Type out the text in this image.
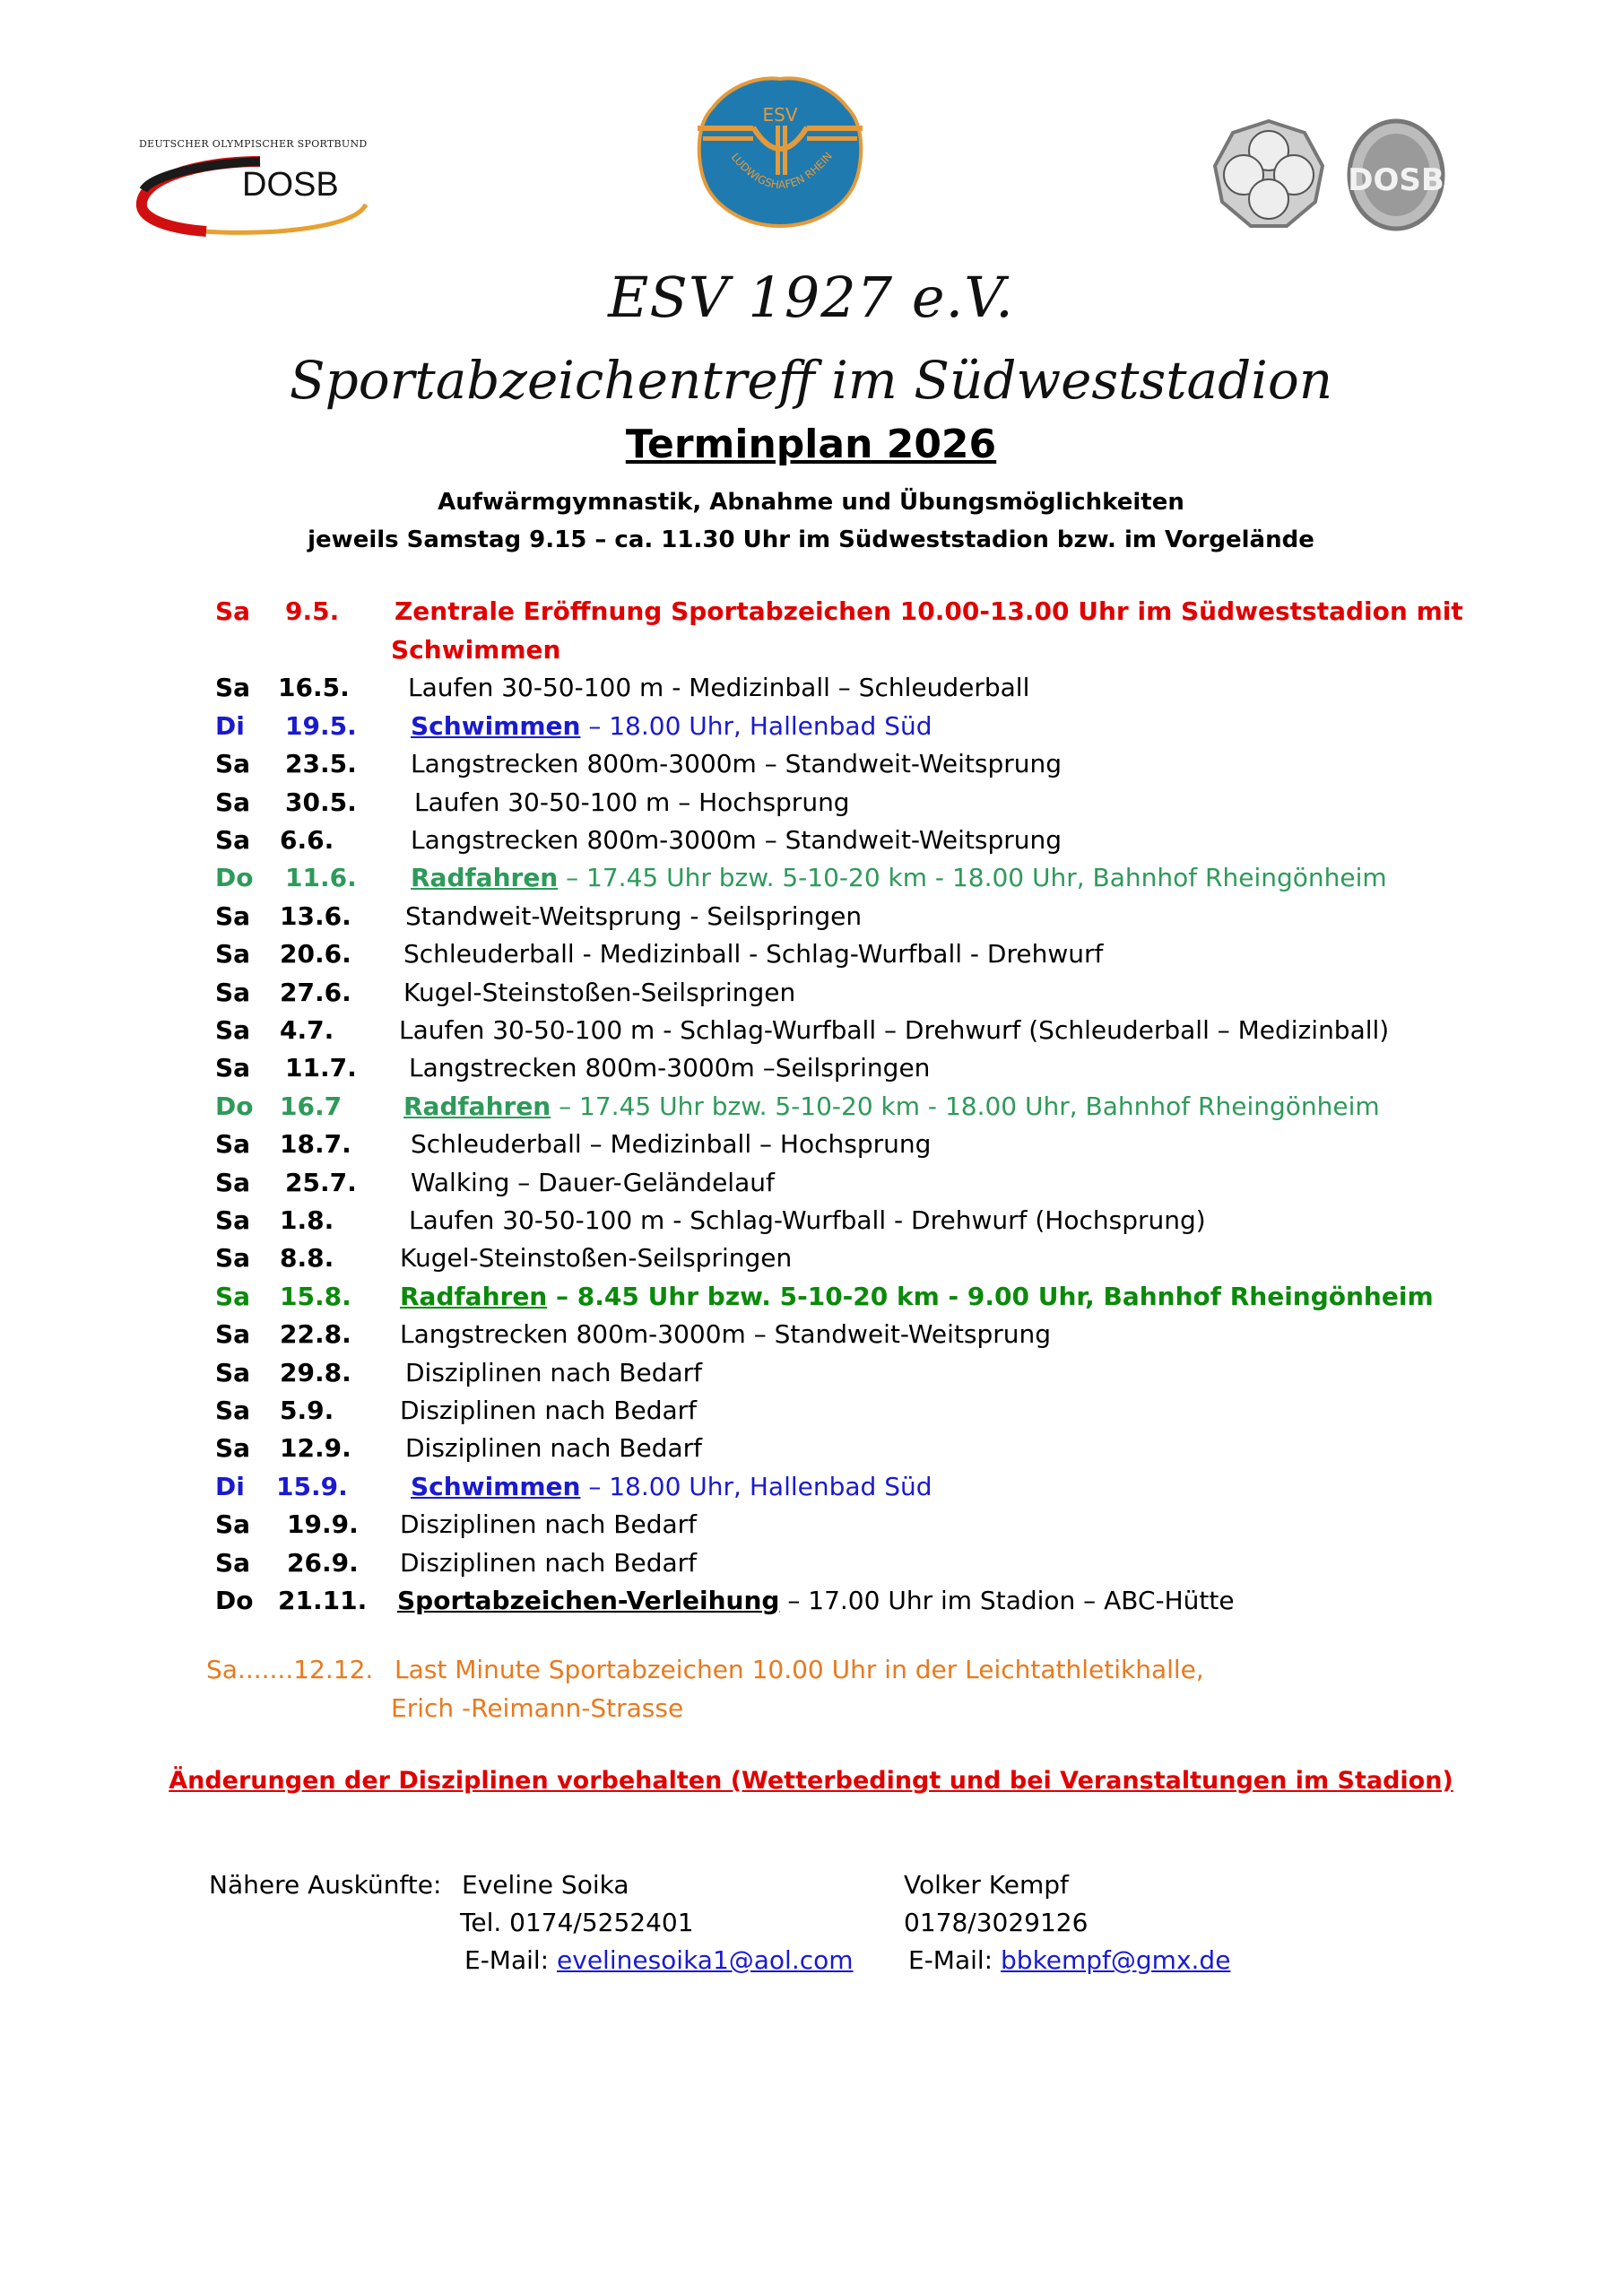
DEUTSCHER OLYMPISCHER SPORTBUND
DOSB
ESV
LUDWIGSHAFEN RHEIN
DOSB
ESV 1927 e.V.
Sportabzeichentreff im Südweststadion
Terminplan 2026
Aufwärmgymnastik, Abnahme und Übungsmöglichkeiten
jeweils Samstag 9.15 – ca. 11.30 Uhr im Südweststadion bzw. im Vorgelände
Sa 9.5. Zentrale Eröffnung Sportabzeichen 10.00-13.00 Uhr im Südweststadion mit
Schwimmen
Sa 16.5. Laufen 30-50-100 m - Medizinball – Schleuderball
Di 19.5. Schwimmen – 18.00 Uhr, Hallenbad Süd
Sa 23.5. Langstrecken 800m-3000m – Standweit-Weitsprung
Sa 30.5. Laufen 30-50-100 m – Hochsprung
Sa 6.6.	Langstrecken 800m-3000m – Standweit-Weitsprung
Do 11.6. Radfahren – 17.45 Uhr bzw. 5-10-20 km - 18.00 Uhr, Bahnhof Rheingönheim
Sa 13.6. Standweit-Weitsprung - Seilspringen
Sa 20.6. Schleuderball - Medizinball - Schlag-Wurfball - Drehwurf
Sa 27.6. Kugel-Steinstoßen-Seilspringen
Sa 4.7.	Laufen 30-50-100 m - Schlag-Wurfball – Drehwurf (Schleuderball – Medizinball)
Sa 11.7. Langstrecken 800m-3000m –Seilspringen
Do 16.7 Radfahren – 17.45 Uhr bzw. 5-10-20 km - 18.00 Uhr, Bahnhof Rheingönheim
Sa 18.7. Schleuderball – Medizinball – Hochsprung
Sa 25.7. Walking – Dauer-Geländelauf
Sa 1.8.	Laufen 30-50-100 m - Schlag-Wurfball - Drehwurf (Hochsprung)
Sa 8.8.	Kugel-Steinstoßen-Seilspringen
Sa 15.8. Radfahren – 8.45 Uhr bzw. 5-10-20 km - 9.00 Uhr, Bahnhof Rheingönheim
Sa 22.8. Langstrecken 800m-3000m – Standweit-Weitsprung
Sa 29.8. Disziplinen nach Bedarf
Sa 5.9.	Disziplinen nach Bedarf
Sa 12.9. Disziplinen nach Bedarf
Di 15.9.	Schwimmen – 18.00 Uhr, Hallenbad Süd
Sa 19.9. Disziplinen nach Bedarf
Sa 26.9. Disziplinen nach Bedarf
Do 21.11. Sportabzeichen-Verleihung – 17.00 Uhr im Stadion – ABC-Hütte
Sa.......12.12. Last Minute Sportabzeichen 10.00 Uhr in der Leichtathletikhalle,
Erich -Reimann-Strasse
Änderungen der Disziplinen vorbehalten (Wetterbedingt und bei Veranstaltungen im Stadion)
Nähere Auskünfte: Eveline Soika
Tel. 0174/5252401
E-Mail: evelinesoika1@aol.com
Volker Kempf
0178/3029126
E-Mail: bbkempf@gmx.de
